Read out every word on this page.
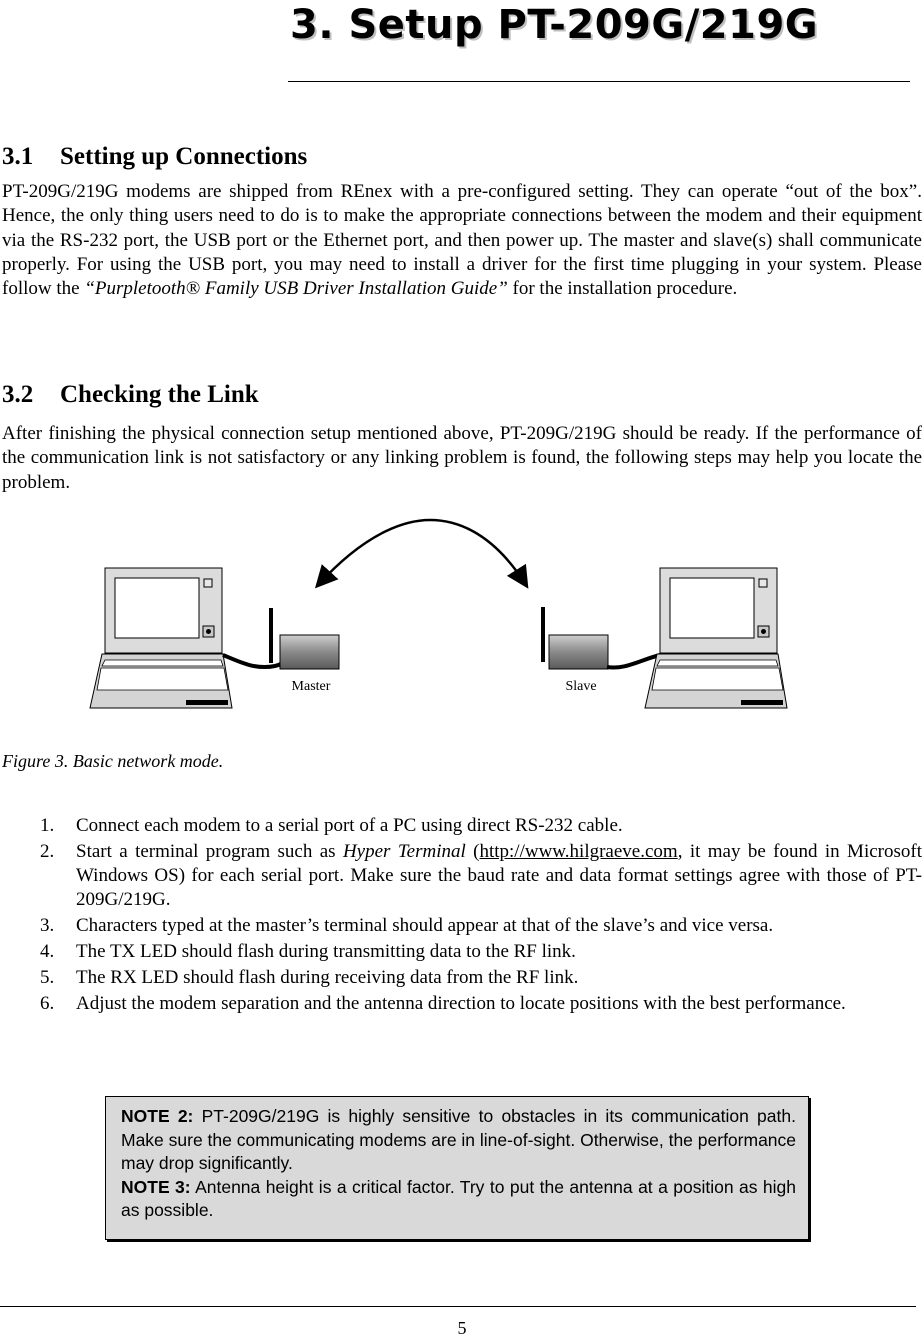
3. Setup PT-209G/219G
3.1 Setting up Connections

PT-209G/219G modems are shipped from REnex with a pre-configured setting. They can operate “out of the box”. Hence, the only thing users need to do is to make the appropriate connections between the modem and their equipment via the RS-232 port, the USB port or the Ethernet port, and then power up. The master and slave(s) shall communicate properly. For using the USB port, you may need to install a driver for the first time plugging in your system. Please follow the “Purpletooth® Family USB Driver Installation Guide” for the installation procedure.

3.2 Checking the Link

After finishing the physical connection setup mentioned above, PT-209G/219G should be ready. If the performance of the communication link is not satisfactory or any linking problem is found, the following steps may help you locate the problem.

Master	Slave

Figure 3. Basic network mode.

1. Connect each modem to a serial port of a PC using direct RS-232 cable.
2. Start a terminal program such as Hyper Terminal (http://www.hilgraeve.com, it may be found in Microsoft Windows OS) for each serial port. Make sure the baud rate and data format settings agree with those of PT-209G/219G.
3. Characters typed at the master’s terminal should appear at that of the slave’s and vice versa.
4. The TX LED should flash during transmitting data to the RF link.
5. The RX LED should flash during receiving data from the RF link.
6. Adjust the modem separation and the antenna direction to locate positions with the best performance.

NOTE 2: PT-209G/219G is highly sensitive to obstacles in its communication path. Make sure the communicating modems are in line-of-sight. Otherwise, the performance may drop significantly.

NOTE 3: Antenna height is a critical factor. Try to put the antenna at a position as high as possible.

5
